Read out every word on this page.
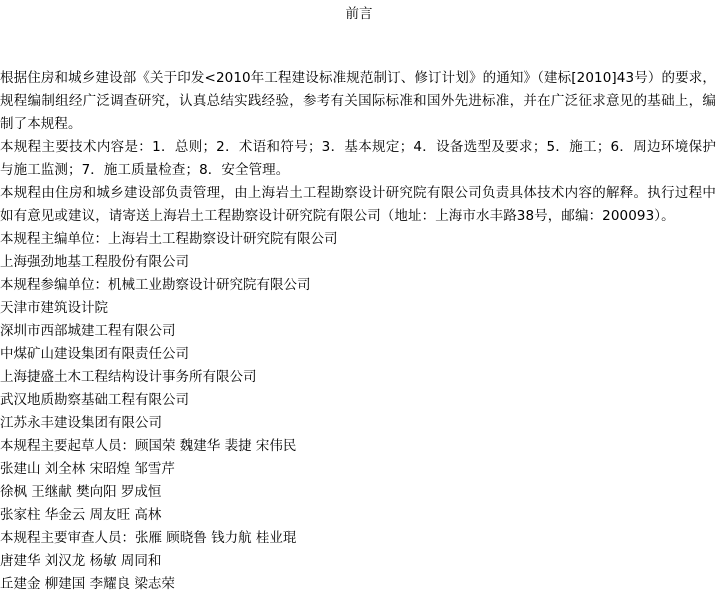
前言

根据住房和城乡建设部《关于印发<2010年工程建设标准规范制订、修订计划》的通知》（建标[2010]43号）的要求，规程编制组经广泛调查研究，认真总结实践经验，参考有关国际标准和国外先进标准，并在广泛征求意见的基础上，编制了本规程。

本规程主要技术内容是：1．总则；2．术语和符号；3．基本规定；4．设备选型及要求；5．施工；6．周边环境保护与施工监测；7．施工质量检查；8．安全管理。

本规程由住房和城乡建设部负责管理，由上海岩土工程勘察设计研究院有限公司负责具体技术内容的解释。执行过程中如有意见或建议，请寄送上海岩土工程勘察设计研究院有限公司（地址：上海市水丰路38号，邮编：200093）。

本规程主编单位：上海岩土工程勘察设计研究院有限公司

上海强劲地基工程股份有限公司

本规程参编单位：机械工业勘察设计研究院有限公司

天津市建筑设计院

深圳市西部城建工程有限公司

中煤矿山建设集团有限责任公司

上海捷盛土木工程结构设计事务所有限公司

武汉地质勘察基础工程有限公司

江苏永丰建设集团有限公司

本规程主要起草人员：顾国荣 魏建华 裴捷 宋伟民

张建山 刘全林 宋昭煌 邹雪芹

徐枫 王继献 樊向阳 罗成恒

张家柱 华金云 周友旺 高林

本规程主要审查人员：张雁 顾晓鲁 钱力航 桂业琨

唐建华 刘汉龙 杨敏 周同和

丘建金 柳建国 李耀良 梁志荣
